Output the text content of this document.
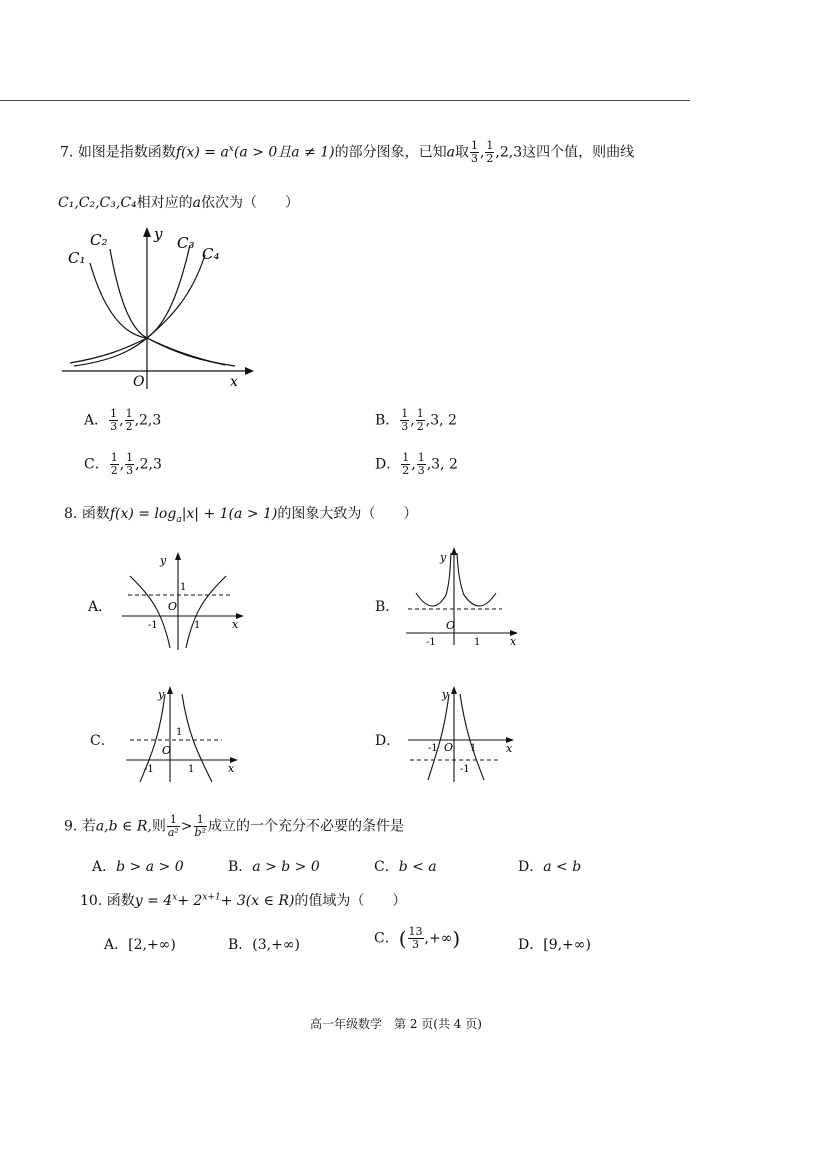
7. 如图是指数函数$f(x) = a^x(a > 0$且a ≠ 1)的部分图象，已知a取 $\frac{1}{3}$ , $\frac{1}{2} ,2,3$这四个值，则曲线
C₁,C₂,C₃,C₄相对应的a依次为（　　）
C₁
C₂	C₃
C₄
y
x
O
A． $\frac{1}{3}$ , $\frac{1}{2} ,2,3$	B． $\frac{1}{3}$ , $\frac{1}{2} ,3$, 2
C． $\frac{1}{2}$ , $\frac{1}{3} ,2,3$	D． $\frac{1}{2}$ , $\frac{1}{3} ,3$, 2
8. 函数$f(x) = \log_a|x| + 1(a > 1)$的图象大致为（　　）
A．
y
x
O
1
-1	1
B．
y
x
O
-1	1
C．
y
x
O
1
-1	1
D．
y
x
-1 O 1
-1
9. 若a,b ∈ R,则 $\frac{1}{\text{a²}} > \frac{1}{\text{b²}}$ 成立的一个充分不必要的条件是
A．b > a > 0	B．a > b > 0	C．b < a	D．a < b
10. 函数$y = 4^x+ 2^{x+1}+ 3(x$ ∈ R)的值域为（　　）
A．[2,+∞)	B．(3,+∞)	C．( $\frac{13}{3}$ ,+∞)	D．[9,+∞)
高一年级数学　第 2 页(共 4 页)
